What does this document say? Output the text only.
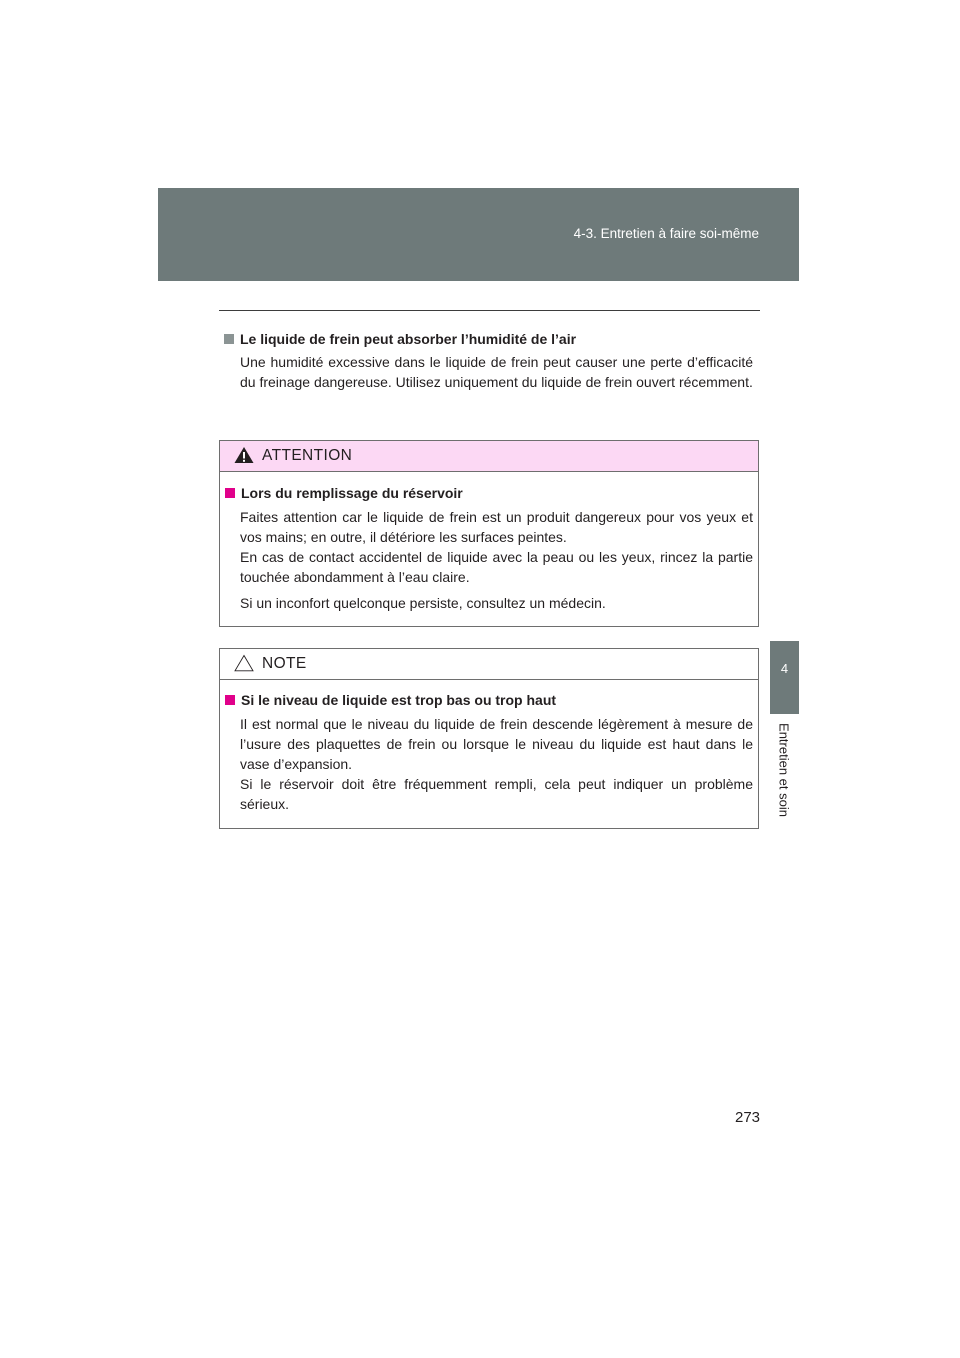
4-3. Entretien à faire soi-même
4
Entretien et soin
Le liquide de frein peut absorber l’humidité de l’air

Une humidité excessive dans le liquide de frein peut causer une perte d’efficacité du freinage dangereuse. Utilisez uniquement du liquide de frein ouvert récemment.

ATTENTION
Lors du remplissage du réservoir

Faites attention car le liquide de frein est un produit dangereux pour vos yeux et vos mains; en outre, il détériore les surfaces peintes.

En cas de contact accidentel de liquide avec la peau ou les yeux, rincez la partie touchée abondamment à l’eau claire.

Si un inconfort quelconque persiste, consultez un médecin.

NOTE
Si le niveau de liquide est trop bas ou trop haut

Il est normal que le niveau du liquide de frein descende légèrement à mesure de l’usure des plaquettes de frein ou lorsque le niveau du liquide est haut dans le vase d’expansion.

Si le réservoir doit être fréquemment rempli, cela peut indiquer un problème sérieux.

273
